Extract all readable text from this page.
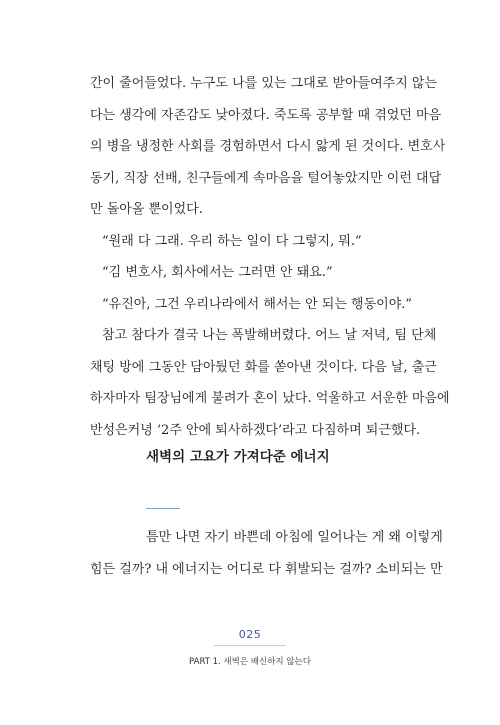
간이 줄어들었다. 누구도 나를 있는 그대로 받아들여주지 않는
다는 생각에 자존감도 낮아졌다. 죽도록 공부할 때 겪었던 마음
의 병을 냉정한 사회를 경험하면서 다시 앓게 된 것이다. 변호사
동기, 직장 선배, 친구들에게 속마음을 털어놓았지만 이런 대답
만 돌아올 뿐이었다.
“원래 다 그래. 우리 하는 일이 다 그렇지, 뭐.”
“김 변호사, 회사에서는 그러면 안 돼요.”
“유진아, 그건 우리나라에서 해서는 안 되는 행동이야.”
참고 참다가 결국 나는 폭발해버렸다. 어느 날 저녁, 팀 단체
채팅 방에 그동안 담아뒀던 화를 쏟아낸 것이다. 다음 날, 출근
하자마자 팀장님에게 불려가 혼이 났다. 억울하고 서운한 마음에
반성은커녕 ‘2주 안에 퇴사하겠다’라고 다짐하며 퇴근했다.
새벽의 고요가 가져다준 에너지
틈만 나면 자기 바쁜데 아침에 일어나는 게 왜 이렇게
힘든 걸까? 내 에너지는 어디로 다 휘발되는 걸까? 소비되는 만
025
PART 1. 새벽은 배신하지 않는다
